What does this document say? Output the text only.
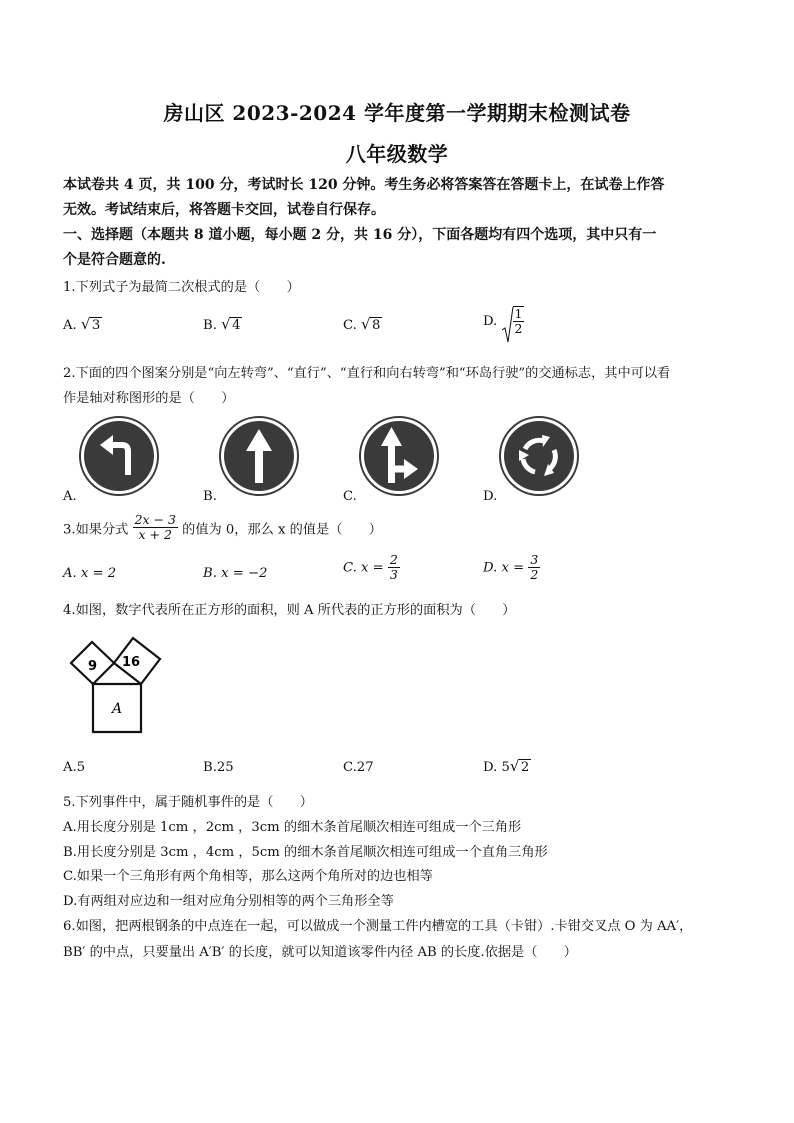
房山区 2023-2024 学年度第一学期期末检测试卷
八年级数学
本试卷共 4 页，共 100 分，考试时长 120 分钟。考生务必将答案答在答题卡上，在试卷上作答
无效。考试结束后，将答题卡交回，试卷自行保存。
一、选择题（本题共 8 道小题，每小题 2 分，共 16 分），下面各题均有四个选项，其中只有一
个是符合题意的.
1.下列式子为最简二次根式的是（　　）
A. √ 3	B. √ 4	C. √ 8	D. $\frac{1}{2}$
2.下面的四个图案分别是“向左转弯”、“直行”、“直行和向右转弯”和“环岛行驶”的交通标志，其中可以看
作是轴对称图形的是（　　）
A.	B.	C.	D.
3.如果分式 $\frac{2x - 3}{x + 2}$ 的值为 0，那么 x 的值是（　　）
A. x = 2	B. x = −2	C. $x = \frac{2}{3}$	D. $x = \frac{3}{2}$
4.如图，数字代表所在正方形的面积，则 A 所代表的正方形的面积为（　　）
9 16
A
A.5	B.25	C.27	D. 5 √ 2
5.下列事件中，属于随机事件的是（　　）
A.用长度分别是 1cm ，2cm ，3cm 的细木条首尾顺次相连可组成一个三角形
B.用长度分别是 3cm ，4cm ，5cm 的细木条首尾顺次相连可组成一个直角三角形
C.如果一个三角形有两个角相等，那么这两个角所对的边也相等
D.有两组对应边和一组对应角分别相等的两个三角形全等
6.如图，把两根钢条的中点连在一起，可以做成一个测量工件内槽宽的工具（卡钳）.卡钳交叉点 O 为 AA′，
BB′ 的中点，只要量出 A′B′ 的长度，就可以知道该零件内径 AB 的长度.依据是（　　）
